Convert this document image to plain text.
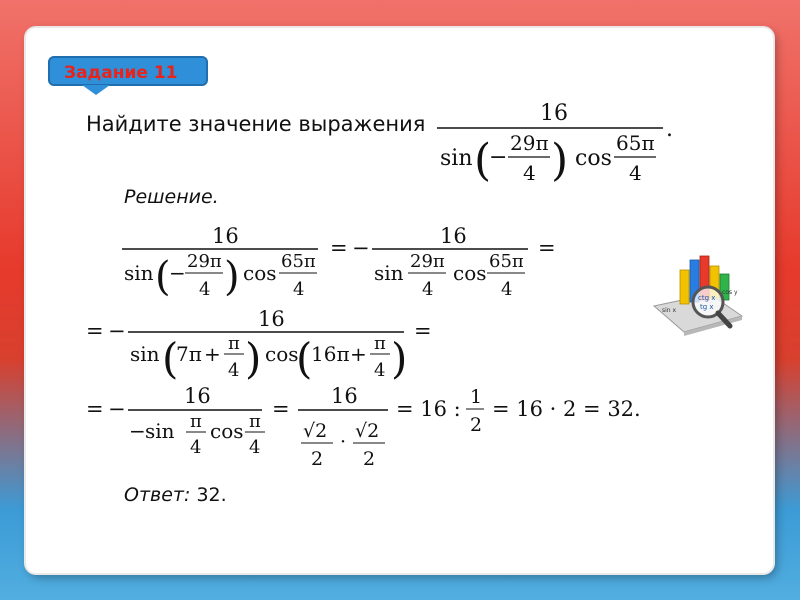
Задание 11
Найдите значение выражения	16
sin (
−
29π
4 ) cos
65π
4
.
16
sin (
− 29π
4 ) cos 65π
4
= −	16
sin 29π
4
cos 65π
4
=
= −	16
sin (
7π + π
4 ) cos
(
16π + π
4 )
=
= −
16
− sin π
4
cos π
4
=
16
√2
2
· √2
2
= 16 : 1
2
= 16 · 2 = 32.
Решение.
Ответ: 32.
ctg x
tg x
cos y
sin x
